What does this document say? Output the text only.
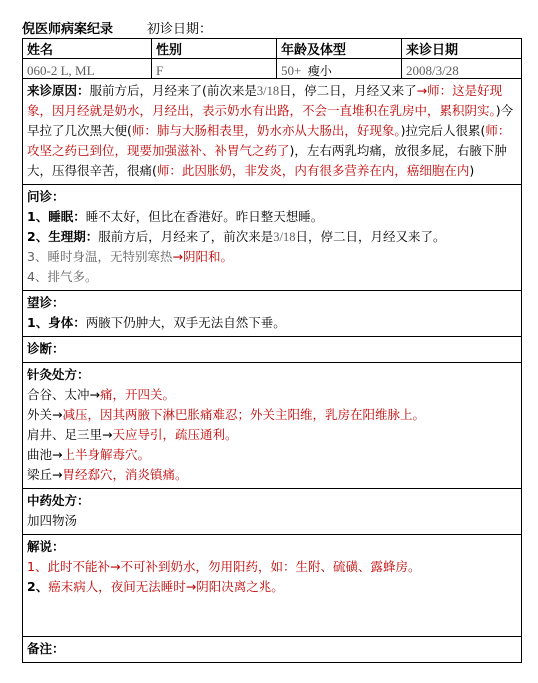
倪医师病案纪录	初诊日期：
姓名	性别	年龄及体型	来诊日期
060-2 L, ML	F	50+ 瘦小	2008/3/28
来诊原因：服前方后，月经来了(前次来是3/18日，停二日，月经又来了→师：这是好现象，因月经就是奶水，月经出，表示奶水有出路，不会一直堆积在乳房中，累积阴实。)今早拉了几次黑大便(师：肺与大肠相表里，奶水亦从大肠出，好现象。)拉完后人很累(师：攻坚之药已到位，现要加强滋补、补胃气之药了)，左右两乳均痛，放很多屁，右腋下肿大，压得很辛苦，很痛(师：此因胀奶，非发炎，内有很多营养在内，癌细胞在内)
问诊：
1、睡眠：睡不太好，但比在香港好。昨日整天想睡。
2、生理期：服前方后，月经来了，前次来是3/18日，停二日，月经又来了。
3、睡时身温，无特别寒热→阴阳和。
4、排气多。
望诊：
1、身体：两腋下仍肿大，双手无法自然下垂。
诊断：
针灸处方：
合谷、太冲→痛，开四关。
外关→减压，因其两腋下淋巴胀痛难忍；外关主阳维，乳房在阳维脉上。
肩井、足三里→天应导引，疏压通利。
曲池→上半身解毒穴。
梁丘→胃经郄穴，消炎镇痛。
中药处方：
加四物汤
解说：
1、此时不能补→不可补到奶水，勿用阳药，如：生附、硫磺、露蜂房。
2、癌末病人，夜间无法睡时→阴阳决离之兆。
备注：
